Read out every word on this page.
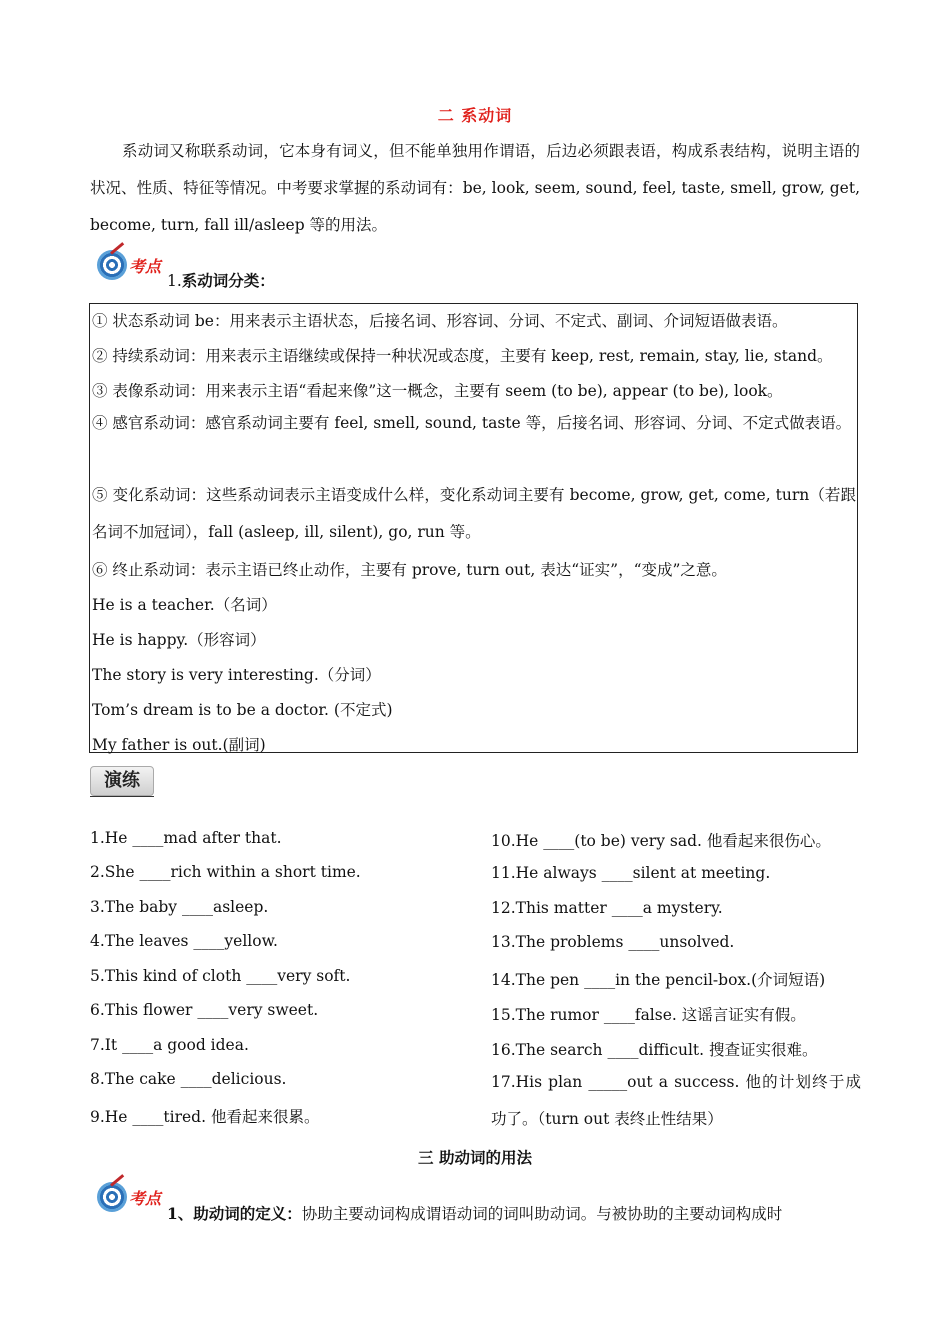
二 系动词

系动词又称联系动词，它本身有词义，但不能单独用作谓语，后边必须跟表语，构成系表结构，说明主语的状况、性质、特征等情况。中考要求掌握的系动词有：be, look, seem, sound, feel, taste, smell, grow, get, become, turn, fall ill/asleep 等的用法。

考点
1.系动词分类：
① 状态系动词 be：用来表示主语状态，后接名词、形容词、分词、不定式、副词、介词短语做表语。
② 持续系动词：用来表示主语继续或保持一种状况或态度，主要有 keep, rest, remain, stay, lie, stand。
③ 表像系动词：用来表示主语“看起来像”这一概念，主要有 seem (to be), appear (to be), look。
④ 感官系动词：感官系动词主要有 feel, smell, sound, taste 等，后接名词、形容词、分词、不定式做表语。
⑤ 变化系动词：这些系动词表示主语变成什么样，变化系动词主要有 become, grow, get, come, turn（若跟名词不加冠词），fall (asleep, ill, silent), go, run 等。
⑥ 终止系动词：表示主语已终止动作，主要有 prove, turn out, 表达“证实”，“变成”之意。
He is a teacher.（名词）
He is happy.（形容词）
The story is very interesting.（分词）
Tom’s dream is to be a doctor. (不定式)
My father is out.(副词)
演练
1.He ____mad after that.
2.She ____rich within a short time.
3.The baby ____asleep.
4.The leaves ____yellow.
5.This kind of cloth ____very soft.
6.This flower ____very sweet.
7.It ____a good idea.
8.The cake ____delicious.
9.He ____tired. 他看起来很累。
10.He ____(to be) very sad. 他看起来很伤心。
11.He always ____silent at meeting.
12.This matter ____a mystery.
13.The problems ____unsolved.
14.The pen ____in the pencil-box.(介词短语)
15.The rumor ____false. 这谣言证实有假。
16.The search ____difficult. 搜查证实很难。
17.His plan _____out a success. 他的计划终于成功了。（turn out 表终止性结果）
三 助动词的用法
考点
1、助动词的定义：协助主要动词构成谓语动词的词叫助动词。与被协助的主要动词构成时
